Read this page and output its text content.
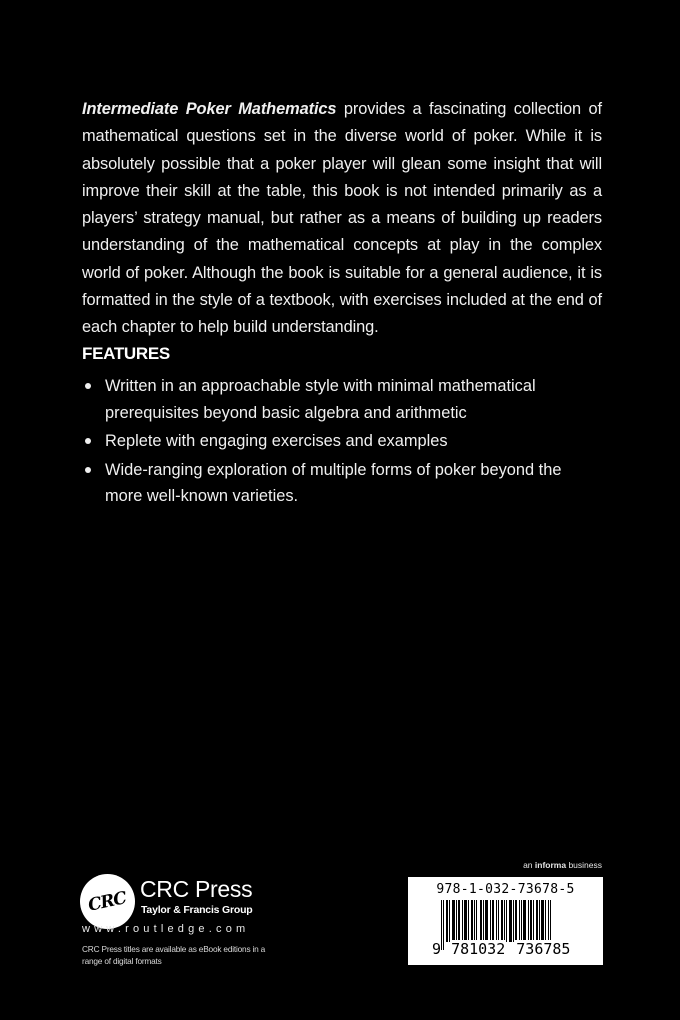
Intermediate Poker Mathematics provides a fascinating collection of mathematical questions set in the diverse world of poker. While it is absolutely possible that a poker player will glean some insight that will improve their skill at the table, this book is not intended primarily as a players’ strategy manual, but rather as a means of building up readers understanding of the mathematical concepts at play in the complex world of poker. Although the book is suitable for a general audience, it is formatted in the style of a textbook, with exercises included at the end of each chapter to help build understanding.
FEATURES
Written in an approachable style with minimal mathematical prerequisites beyond basic algebra and arithmetic
Replete with engaging exercises and examples
Wide-ranging exploration of multiple forms of poker beyond the more well-known varieties.
CRC CRC Press
Taylor & Francis Group
www.routledge.com
CRC Press titles are available as eBook editions in a range of digital formats
an informa business
978-1-032-73678-5
9 781032 736785
